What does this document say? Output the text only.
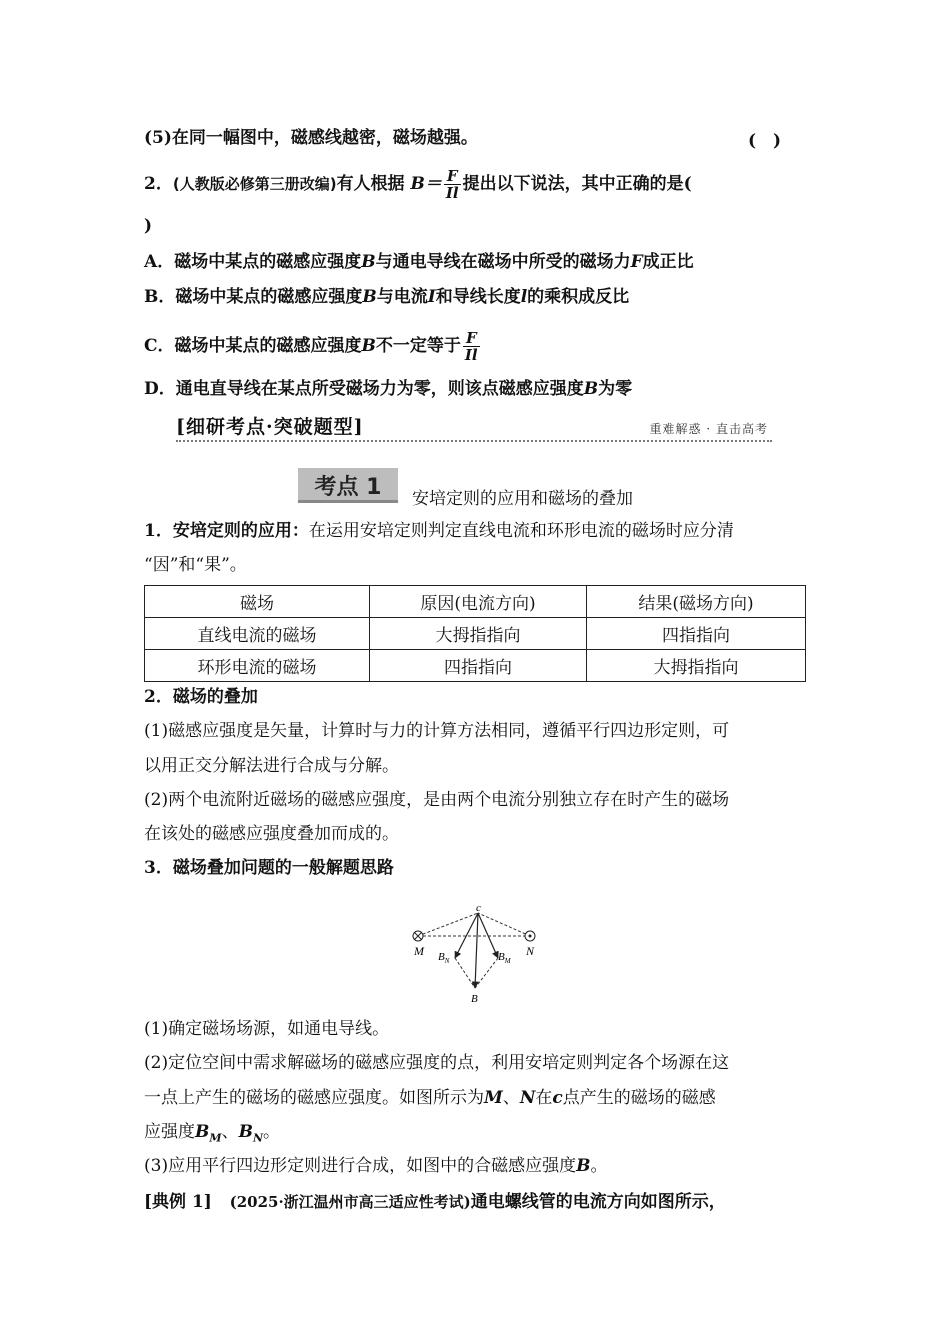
(5)在同一幅图中，磁感线越密，磁场越强。	(　)
2．(人教版必修第三册改编)有人根据 $B= \frac{F}{Il}$ 提出以下说法，其中正确的是(
)
A．磁场中某点的磁感应强度B与通电导线在磁场中所受的磁场力F成正比
B．磁场中某点的磁感应强度B与电流I和导线长度l的乘积成反比
C．磁场中某点的磁感应强度B不一定等于 $\frac{F}{Il}$
D．通电直导线在某点所受磁场力为零，则该点磁感应强度B为零
[细研考点·突破题型]	重难解惑 · 直击高考
考点 1	安培定则的应用和磁场的叠加
1．安培定则的应用：在运用安培定则判定直线电流和环形电流的磁场时应分清
“因”和“果”。
磁场	原因(电流方向)	结果(磁场方向)
直线电流的磁场	大拇指指向	四指指向
环形电流的磁场	四指指向	大拇指指向
2．磁场的叠加
(1)磁感应强度是矢量，计算时与力的计算方法相同，遵循平行四边形定则，可
以用正交分解法进行合成与分解。
(2)两个电流附近磁场的磁感应强度，是由两个电流分别独立存在时产生的磁场
在该处的磁感应强度叠加而成的。
3．磁场叠加问题的一般解题思路
c
M	N
$B_N$	$B_M$
B
(1)确定磁场场源，如通电导线。
(2)定位空间中需求解磁场的磁感应强度的点，利用安培定则判定各个场源在这
一点上产生的磁场的磁感应强度。如图所示为M、N在c点产生的磁场的磁感
应强度$B_M$、$B_N$。
(3)应用平行四边形定则进行合成，如图中的合磁感应强度B。
[典例 1] (2025·浙江温州市高三适应性考试)通电螺线管的电流方向如图所示，
